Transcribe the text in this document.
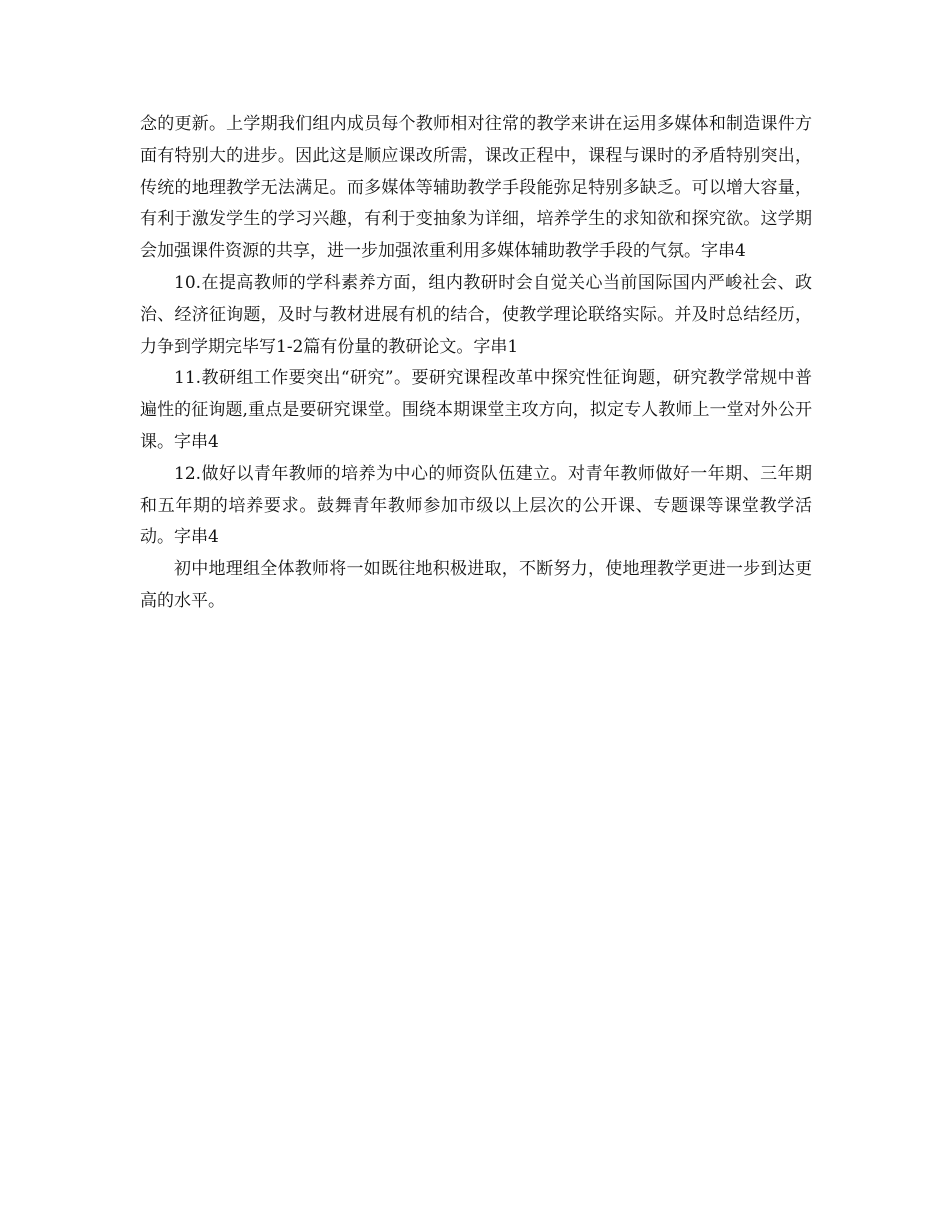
念的更新。上学期我们组内成员每个教师相对往常的教学来讲在运用多媒体和制造课件方面有特别大的进步。因此这是顺应课改所需，课改正程中，课程与课时的矛盾特别突出，传统的地理教学无法满足。而多媒体等辅助教学手段能弥足特别多缺乏。可以增大容量，有利于激发学生的学习兴趣，有利于变抽象为详细，培养学生的求知欲和探究欲。这学期会加强课件资源的共享，进一步加强浓重利用多媒体辅助教学手段的气氛。字串4

10.在提高教师的学科素养方面，组内教研时会自觉关心当前国际国内严峻社会、政治、经济征询题，及时与教材进展有机的结合，使教学理论联络实际。并及时总结经历，力争到学期完毕写1-2篇有份量的教研论文。字串1

11.教研组工作要突出“研究”。要研究课程改革中探究性征询题，研究教学常规中普遍性的征询题,重点是要研究课堂。围绕本期课堂主攻方向，拟定专人教师上一堂对外公开课。字串4

12.做好以青年教师的培养为中心的师资队伍建立。对青年教师做好一年期、三年期和五年期的培养要求。鼓舞青年教师参加市级以上层次的公开课、专题课等课堂教学活动。字串4

初中地理组全体教师将一如既往地积极进取，不断努力，使地理教学更进一步到达更高的水平。
